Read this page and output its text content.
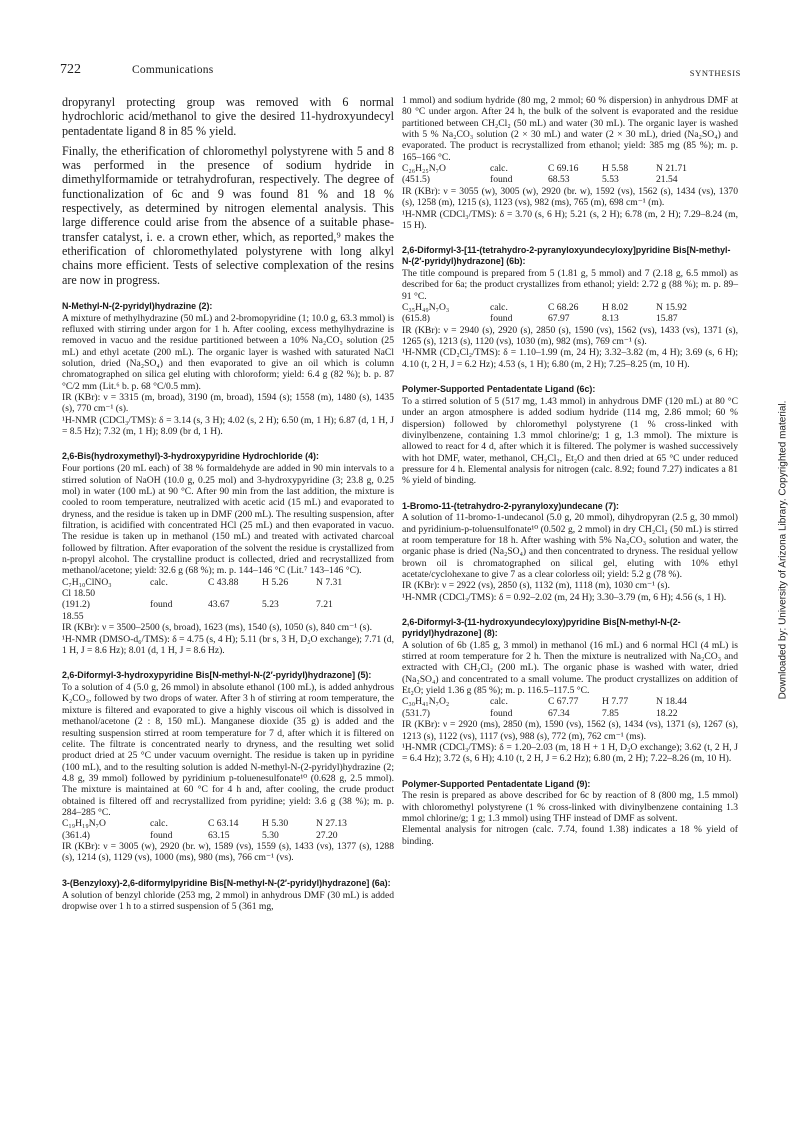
722	Communications	SYNTHESIS

dropyranyl protecting group was removed with 6 normal hydrochloric acid/methanol to give the desired 11-hydroxyundecyl pentadentate ligand 8 in 85 % yield.

Finally, the etherification of chloromethyl polystyrene with 5 and 8 was performed in the presence of sodium hydride in dimethylformamide or tetrahydrofuran, respectively. The degree of functionalization of 6c and 9 was found 81 % and 18 % respectively, as determined by nitrogen elemental analysis. This large difference could arise from the absence of a suitable phase-transfer catalyst, i. e. a crown ether, which, as reported,⁹ makes the etherification of chloromethylated polystyrene with long alkyl chains more efficient. Tests of selective complexation of the resins are now in progress.

N-Methyl-N-(2-pyridyl)hydrazine (2):

A mixture of methylhydrazine (50 mL) and 2-bromopyridine (1; 10.0 g, 63.3 mmol) is refluxed with stirring under argon for 1 h. After cooling, excess methylhydrazine is removed in vacuo and the residue partitioned between a 10% Na₂CO₃ solution (25 mL) and ethyl acetate (200 mL). The organic layer is washed with saturated NaCl solution, dried (Na₂SO₄) and then evaporated to give an oil which is column chromatographed on silica gel eluting with chloroform; yield: 6.4 g (82 %); b. p. 87 °C/2 mm (Lit.⁶ b. p. 68 °C/0.5 mm).

IR (KBr): ν = 3315 (m, broad), 3190 (m, broad), 1594 (s); 1558 (m), 1480 (s), 1435 (s), 770 cm⁻¹ (s).

¹H-NMR (CDCl₃/TMS): δ = 3.14 (s, 3 H); 4.02 (s, 2 H); 6.50 (m, 1 H); 6.87 (d, 1 H, J = 8.5 Hz); 7.32 (m, 1 H); 8.09 (br d, 1 H).

2,6-Bis(hydroxymethyl)-3-hydroxypyridine Hydrochloride (4):

Four portions (20 mL each) of 38 % formaldehyde are added in 90 min intervals to a stirred solution of NaOH (10.0 g, 0.25 mol) and 3-hydroxypyridine (3; 23.8 g, 0.25 mol) in water (100 mL) at 90 °C. After 90 min from the last addition, the mixture is cooled to room temperature, neutralized with acetic acid (15 mL) and evaporated to dryness, and the residue is taken up in DMF (200 mL). The resulting suspension, after filtration, is acidified with concentrated HCl (25 mL) and then evaporated in vacuo. The residue is taken up in methanol (150 mL) and treated with activated charcoal followed by filtration. After evaporation of the solvent the residue is crystallized from n-propyl alcohol. The crystalline product is collected, dried and recrystallized from methanol/acetone; yield: 32.6 g (68 %); m. p. 144–146 °C (Lit.⁷ 143–146 °C).

C₇H₁₀ClNO₃	calc.	C 43.88	H 5.26	N 7.31
Cl 18.50
(191.2)	found	43.67	5.23	7.21
18.55

IR (KBr): ν = 3500–2500 (s, broad), 1623 (ms), 1540 (s), 1050 (s), 840 cm⁻¹ (s).

¹H-NMR (DMSO-d₆/TMS): δ = 4.75 (s, 4 H); 5.11 (br s, 3 H, D₂O exchange); 7.71 (d, 1 H, J = 8.6 Hz); 8.01 (d, 1 H, J = 8.6 Hz).

2,6-Diformyl-3-hydroxypyridine Bis[N-methyl-N-(2′-pyridyl)hydrazone] (5):

To a solution of 4 (5.0 g, 26 mmol) in absolute ethanol (100 mL), is added anhydrous K₂CO₃, followed by two drops of water. After 3 h of stirring at room temperature, the mixture is filtered and evaporated to give a highly viscous oil which is dissolved in methanol/acetone (2 : 8, 150 mL). Manganese dioxide (35 g) is added and the resulting suspension stirred at room temperature for 7 d, after which it is filtered on celite. The filtrate is concentrated nearly to dryness, and the resulting wet solid product dried at 25 °C under vacuum overnight. The residue is taken up in pyridine (100 mL), and to the resulting solution is added N-methyl-N-(2-pyridyl)hydrazine (2; 4.8 g, 39 mmol) followed by pyridinium p-toluenesulfonate¹⁰ (0.628 g, 2.5 mmol). The mixture is maintained at 60 °C for 4 h and, after cooling, the crude product obtained is filtered off and recrystallized from pyridine; yield: 3.6 g (38 %); m. p. 284–285 °C.

C₁₉H₁₉N₇O	calc.	C 63.14	H 5.30	N 27.13
(361.4)	found	63.15	5.30	27.20

IR (KBr): ν = 3005 (w), 2920 (br. w), 1589 (vs), 1559 (s), 1433 (vs), 1377 (s), 1288 (s), 1214 (s), 1129 (vs), 1000 (ms), 980 (ms), 766 cm⁻¹ (vs).

3-(Benzyloxy)-2,6-diformylpyridine Bis[N-methyl-N-(2′-pyridyl)hydrazone] (6a):

A solution of benzyl chloride (253 mg, 2 mmol) in anhydrous DMF (30 mL) is added dropwise over 1 h to a stirred suspension of 5 (361 mg,

1 mmol) and sodium hydride (80 mg, 2 mmol; 60 % dispersion) in anhydrous DMF at 80 °C under argon. After 24 h, the bulk of the solvent is evaporated and the residue partitioned between CH₂Cl₂ (50 mL) and water (30 mL). The organic layer is washed with 5 % Na₂CO₃ solution (2 × 30 mL) and water (2 × 30 mL), dried (Na₂SO₄) and evaporated. The product is recrystallized from ethanol; yield: 385 mg (85 %); m. p. 165–166 °C.

C₂₆H₂₅N₇O	calc.	C 69.16	H 5.58	N 21.71
(451.5)	found	68.53	5.53	21.54

IR (KBr): ν = 3055 (w), 3005 (w), 2920 (br. w), 1592 (vs), 1562 (s), 1434 (vs), 1370 (s), 1258 (m), 1215 (s), 1123 (vs), 982 (ms), 765 (m), 698 cm⁻¹ (m).

¹H-NMR (CDCl₃/TMS): δ = 3.70 (s, 6 H); 5.21 (s, 2 H); 6.78 (m, 2 H); 7.29–8.24 (m, 15 H).

2,6-Diformyl-3-[11-(tetrahydro-2-pyranyloxyundecyloxy]pyridine Bis[N-methyl-N-(2′-pyridyl)hydrazone] (6b):

The title compound is prepared from 5 (1.81 g, 5 mmol) and 7 (2.18 g, 6.5 mmol) as described for 6a; the product crystallizes from ethanol; yield: 2.72 g (88 %); m. p. 89–91 °C.

C₃₅H₄₉N₇O₃	calc.	C 68.26	H 8.02	N 15.92
(615.8)	found	67.97	8.13	15.87

IR (KBr): ν = 2940 (s), 2920 (s), 2850 (s), 1590 (vs), 1562 (vs), 1433 (vs), 1371 (s), 1265 (s), 1213 (s), 1120 (vs), 1030 (m), 982 (ms), 769 cm⁻¹ (s).

¹H-NMR (CD₂Cl₂/TMS): δ = 1.10–1.99 (m, 24 H); 3.32–3.82 (m, 4 H); 3.69 (s, 6 H); 4.10 (t, 2 H, J = 6.2 Hz); 4.53 (s, 1 H); 6.80 (m, 2 H); 7.25–8.25 (m, 10 H).

Polymer-Supported Pentadentate Ligand (6c):

To a stirred solution of 5 (517 mg, 1.43 mmol) in anhydrous DMF (120 mL) at 80 °C under an argon atmosphere is added sodium hydride (114 mg, 2.86 mmol; 60 % dispersion) followed by chloromethyl polystyrene (1 % cross-linked with divinylbenzene, containing 1.3 mmol chlorine/g; 1 g, 1.3 mmol). The mixture is allowed to react for 4 d, after which it is filtered. The polymer is washed successively with hot DMF, water, methanol, CH₂Cl₂, Et₂O and then dried at 65 °C under reduced pressure for 4 h. Elemental analysis for nitrogen (calc. 8.92; found 7.27) indicates a 81 % yield of binding.

1-Bromo-11-(tetrahydro-2-pyranyloxy)undecane (7):

A solution of 11-bromo-1-undecanol (5.0 g, 20 mmol), dihydropyran (2.5 g, 30 mmol) and pyridinium-p-toluensulfonate¹⁰ (0.502 g, 2 mmol) in dry CH₂Cl₂ (50 mL) is stirred at room temperature for 18 h. After washing with 5% Na₂CO₃ solution and water, the organic phase is dried (Na₂SO₄) and then concentrated to dryness. The residual yellow brown oil is chromatographed on silical gel, eluting with 10% ethyl acetate/cyclohexane to give 7 as a clear colorless oil; yield: 5.2 g (78 %).

IR (KBr): ν = 2922 (vs), 2850 (s), 1132 (m), 1118 (m), 1030 cm⁻¹ (s).

¹H-NMR (CDCl₃/TMS): δ = 0.92–2.02 (m, 24 H); 3.30–3.79 (m, 6 H); 4.56 (s, 1 H).

2,6-Diformyl-3-(11-hydroxyundecyloxy)pyridine Bis[N-methyl-N-(2-pyridyl)hydrazone] (8):

A solution of 6b (1.85 g, 3 mmol) in methanol (16 mL) and 6 normal HCl (4 mL) is stirred at room temperature for 2 h. Then the mixture is neutralized with Na₂CO₃ and extracted with CH₂Cl₂ (200 mL). The organic phase is washed with water, dried (Na₂SO₄) and concentrated to a small volume. The product crystallizes on addition of Et₂O; yield 1.36 g (85 %); m. p. 116.5–117.5 °C.

C₃₀H₄₁N₇O₂	calc.	C 67.77	H 7.77	N 18.44
(531.7)	found	67.34	7.85	18.22

IR (KBr): ν = 2920 (ms), 2850 (m), 1590 (vs), 1562 (s), 1434 (vs), 1371 (s), 1267 (s), 1213 (s), 1122 (vs), 1117 (vs), 988 (s), 772 (m), 762 cm⁻¹ (ms).

¹H-NMR (CDCl₃/TMS): δ = 1.20–2.03 (m, 18 H + 1 H, D₂O exchange); 3.62 (t, 2 H, J = 6.4 Hz); 3.72 (s, 6 H); 4.10 (t, 2 H, J = 6.2 Hz); 6.80 (m, 2 H); 7.22–8.26 (m, 10 H).

Polymer-Supported Pentadentate Ligand (9):

The resin is prepared as above described for 6c by reaction of 8 (800 mg, 1.5 mmol) with chloromethyl polystyrene (1 % cross-linked with divinylbenzene containing 1.3 mmol chlorine/g; 1 g; 1.3 mmol) using THF instead of DMF as solvent.

Elemental analysis for nitrogen (calc. 7.74, found 1.38) indicates a 18 % yield of binding.

Downloaded by: University of Arizona Library. Copyrighted material.
